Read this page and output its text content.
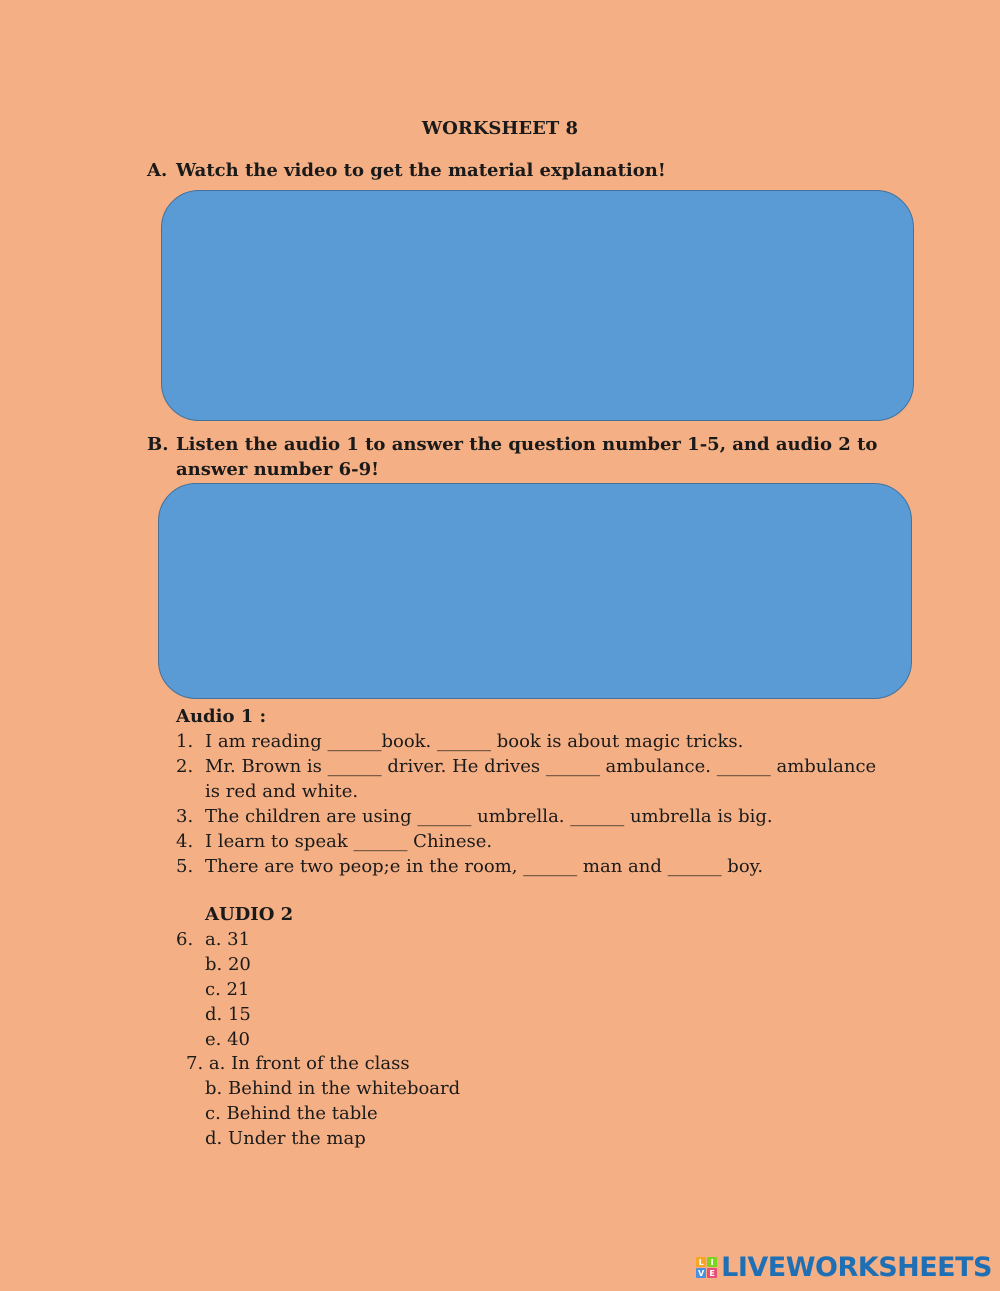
WORKSHEET 8
A. Watch the video to get the material explanation!
B. Listen the audio 1 to answer the question number 1-5, and audio 2 to
answer number 6-9!
Audio 1 :
1. I am reading ______book. ______ book is about magic tricks.
2. Mr. Brown is ______ driver. He drives ______ ambulance. ______ ambulance
is red and white.
3. The children are using ______ umbrella. ______ umbrella is big.
4. I learn to speak ______ Chinese.
5. There are two peop;e in the room, ______ man and ______ boy.
AUDIO 2
6. a. 31
b. 20
c. 21
d. 15
e. 40
7. a. In front of the class
b. Behind in the whiteboard
c. Behind the table
d. Under the map
L I
V E LIVEWORKSHEETS
